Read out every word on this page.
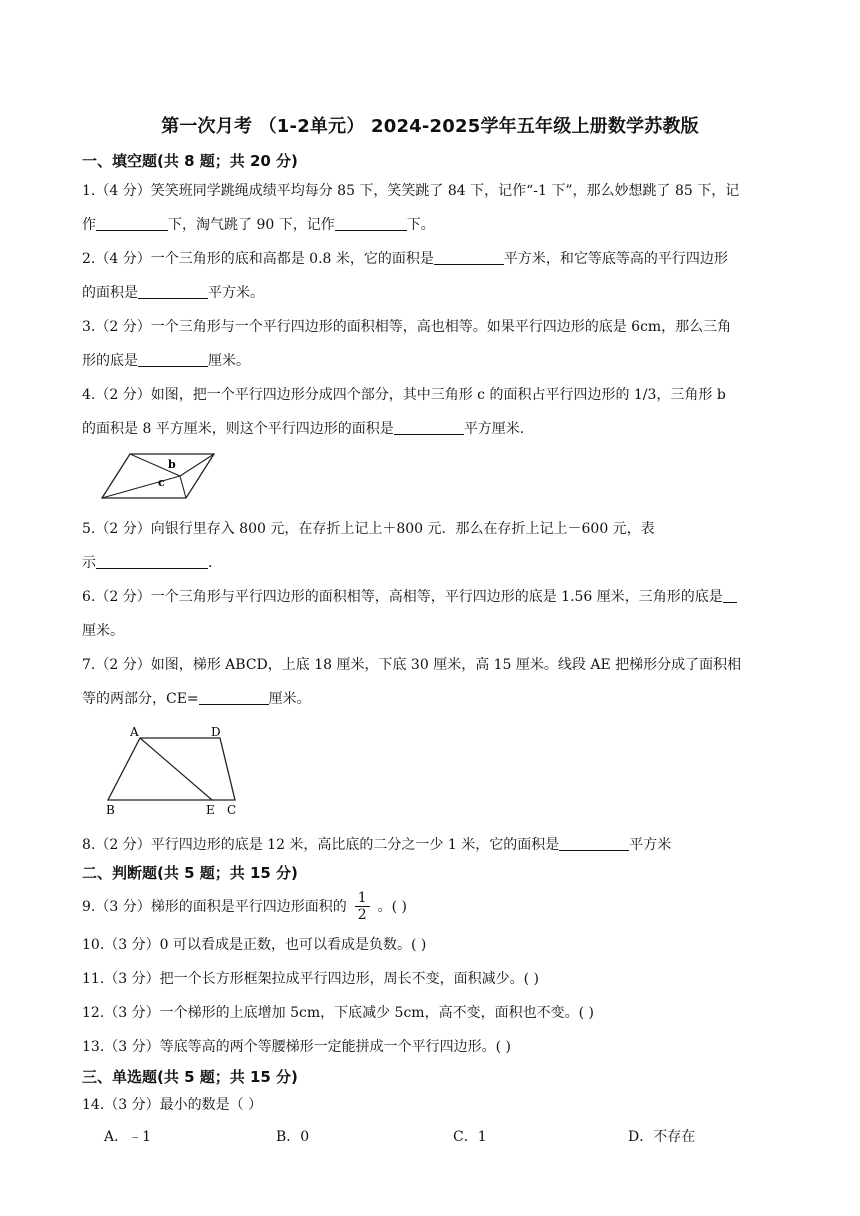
第一次月考 （1-2单元） 2024-2025学年五年级上册数学苏教版
一、填空题(共 8 题；共 20 分)
1.（4 分）笑笑班同学跳绳成绩平均每分 85 下，笑笑跳了 84 下，记作“-1 下”，那么妙想跳了 85 下，记
作	下，淘气跳了 90 下，记作	下。
2.（4 分）一个三角形的底和高都是 0.8 米，它的面积是	平方米，和它等底等高的平行四边形
的面积是	平方米。
3.（2 分）一个三角形与一个平行四边形的面积相等，高也相等。如果平行四边形的底是 6cm，那么三角
形的底是	厘米。
4.（2 分）如图，把一个平行四边形分成四个部分，其中三角形 c 的面积占平行四边形的 1/3，三角形 b
的面积是 8 平方厘米，则这个平行四边形的面积是	平方厘米.
b
c
5.（2 分）向银行里存入 800 元，在存折上记上＋800 元．那么在存折上记上－600 元，表
示	.
6.（2 分）一个三角形与平行四边形的面积相等，高相等，平行四边形的底是 1.56 厘米，三角形的底是
厘米。
7.（2 分）如图，梯形 ABCD，上底 18 厘米，下底 30 厘米，高 15 厘米。线段 AE 把梯形分成了面积相
等的两部分，CE=	厘米。
A	D
B	E C
8.（2 分）平行四边形的底是 12 米，高比底的二分之一少 1 米，它的面积是	平方米
二、判断题(共 5 题；共 15 分)
9.（3 分）梯形的面积是平行四边形面积的 $\frac{1}{2}$ 。( )
10.（3 分）0 可以看成是正数，也可以看成是负数。( )
11.（3 分）把一个长方形框架拉成平行四边形，周长不变，面积减少。( )
12.（3 分）一个梯形的上底增加 5cm，下底减少 5cm，高不变，面积也不变。( )
13.（3 分）等底等高的两个等腰梯形一定能拼成一个平行四边形。( )
三、单选题(共 5 题；共 15 分)
14.（3 分）最小的数是（ ）
A．﹣1	B．0	C．1	D．不存在
